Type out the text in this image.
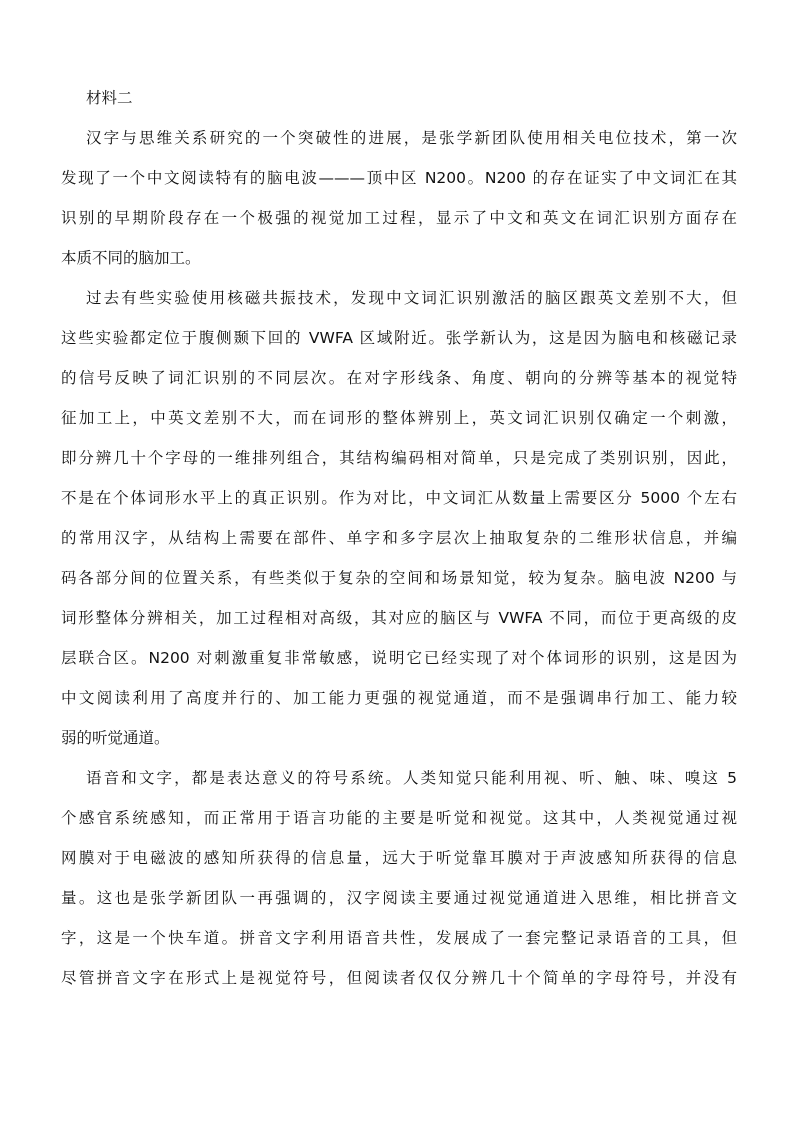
材料二
汉字与思维关系研究的一个突破性的进展，是张学新团队使用相关电位技术，第一次
发现了一个中文阅读特有的脑电波———顶中区 N200。N200 的存在证实了中文词汇在其
识别的早期阶段存在一个极强的视觉加工过程，显示了中文和英文在词汇识别方面存在
本质不同的脑加工。
过去有些实验使用核磁共振技术，发现中文词汇识别激活的脑区跟英文差别不大，但
这些实验都定位于腹侧颞下回的 VWFA 区域附近。张学新认为，这是因为脑电和核磁记录
的信号反映了词汇识别的不同层次。在对字形线条、角度、朝向的分辨等基本的视觉特
征加工上，中英文差别不大，而在词形的整体辨别上，英文词汇识别仅确定一个刺激，
即分辨几十个字母的一维排列组合，其结构编码相对简单，只是完成了类别识别，因此，
不是在个体词形水平上的真正识别。作为对比，中文词汇从数量上需要区分 5000 个左右
的常用汉字，从结构上需要在部件、单字和多字层次上抽取复杂的二维形状信息，并编
码各部分间的位置关系，有些类似于复杂的空间和场景知觉，较为复杂。脑电波 N200 与
词形整体分辨相关，加工过程相对高级，其对应的脑区与 VWFA 不同，而位于更高级的皮
层联合区。N200 对刺激重复非常敏感，说明它已经实现了对个体词形的识别，这是因为
中文阅读利用了高度并行的、加工能力更强的视觉通道，而不是强调串行加工、能力较
弱的听觉通道。
语音和文字，都是表达意义的符号系统。人类知觉只能利用视、听、触、味、嗅这 5
个感官系统感知，而正常用于语言功能的主要是听觉和视觉。这其中，人类视觉通过视
网膜对于电磁波的感知所获得的信息量，远大于听觉靠耳膜对于声波感知所获得的信息
量。这也是张学新团队一再强调的，汉字阅读主要通过视觉通道进入思维，相比拼音文
字，这是一个快车道。拼音文字利用语音共性，发展成了一套完整记录语音的工具，但
尽管拼音文字在形式上是视觉符号，但阅读者仅仅分辨几十个简单的字母符号，并没有
